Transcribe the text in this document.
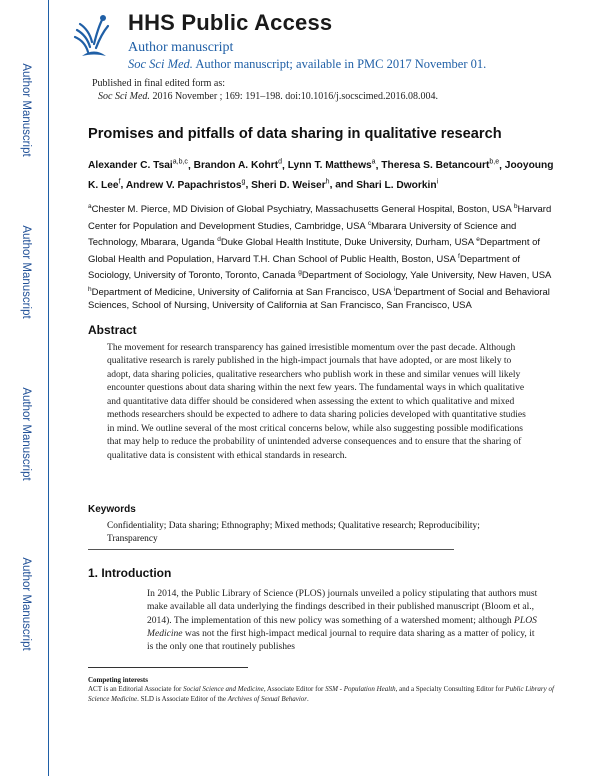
Author Manuscript
Author Manuscript
Author Manuscript
Author Manuscript
HHS Public Access
Author manuscript
Soc Sci Med. Author manuscript; available in PMC 2017 November 01.
Published in final edited form as:
Soc Sci Med. 2016 November ; 169: 191–198. doi:10.1016/j.socscimed.2016.08.004.
Promises and pitfalls of data sharing in qualitative research
Alexander C. Tsai$^{a,b,c}$, Brandon A. Kohrt$^d$, Lynn T. Matthews$^a$, Theresa S. Betancourt$^{b,e}$, Jooyoung K. Lee$^f$, Andrew V. Papachristos$^g$, Sheri D. Weiser$^h$, and Shari L. Dworkin$^i$
$^a$Chester M. Pierce, MD Division of Global Psychiatry, Massachusetts General Hospital, Boston, USA $^b$Harvard Center for Population and Development Studies, Cambridge, USA $^c$Mbarara University of Science and Technology, Mbarara, Uganda $^d$Duke Global Health Institute, Duke University, Durham, USA $^e$Department of Global Health and Population, Harvard T.H. Chan School of Public Health, Boston, USA $^f$Department of Sociology, University of Toronto, Toronto, Canada $^g$Department of Sociology, Yale University, New Haven, USA $^h$Department of Medicine, University of California at San Francisco, USA $^i$Department of Social and Behavioral Sciences, School of Nursing, University of California at San Francisco, San Francisco, USA
Abstract
The movement for research transparency has gained irresistible momentum over the past decade. Although qualitative research is rarely published in the high-impact journals that have adopted, or are most likely to adopt, data sharing policies, qualitative researchers who publish work in these and similar venues will likely encounter questions about data sharing within the next few years. The fundamental ways in which qualitative and quantitative data differ should be considered when assessing the extent to which qualitative and mixed methods researchers should be expected to adhere to data sharing policies developed with quantitative studies in mind. We outline several of the most critical concerns below, while also suggesting possible modifications that may help to reduce the probability of unintended adverse consequences and to ensure that the sharing of qualitative data is consistent with ethical standards in research.
Keywords
Confidentiality; Data sharing; Ethnography; Mixed methods; Qualitative research; Reproducibility; Transparency
1. Introduction
In 2014, the Public Library of Science (PLOS) journals unveiled a policy stipulating that authors must make available all data underlying the findings described in their published manuscript (Bloom et al., 2014). The implementation of this new policy was something of a watershed moment; although PLOS Medicine was not the first high-impact medical journal to require data sharing as a matter of policy, it is the only one that routinely publishes
Competing interests
ACT is an Editorial Associate for Social Science and Medicine, Associate Editor for SSM - Population Health, and a Specialty Consulting Editor for Public Library of Science Medicine. SLD is Associate Editor of the Archives of Sexual Behavior.
